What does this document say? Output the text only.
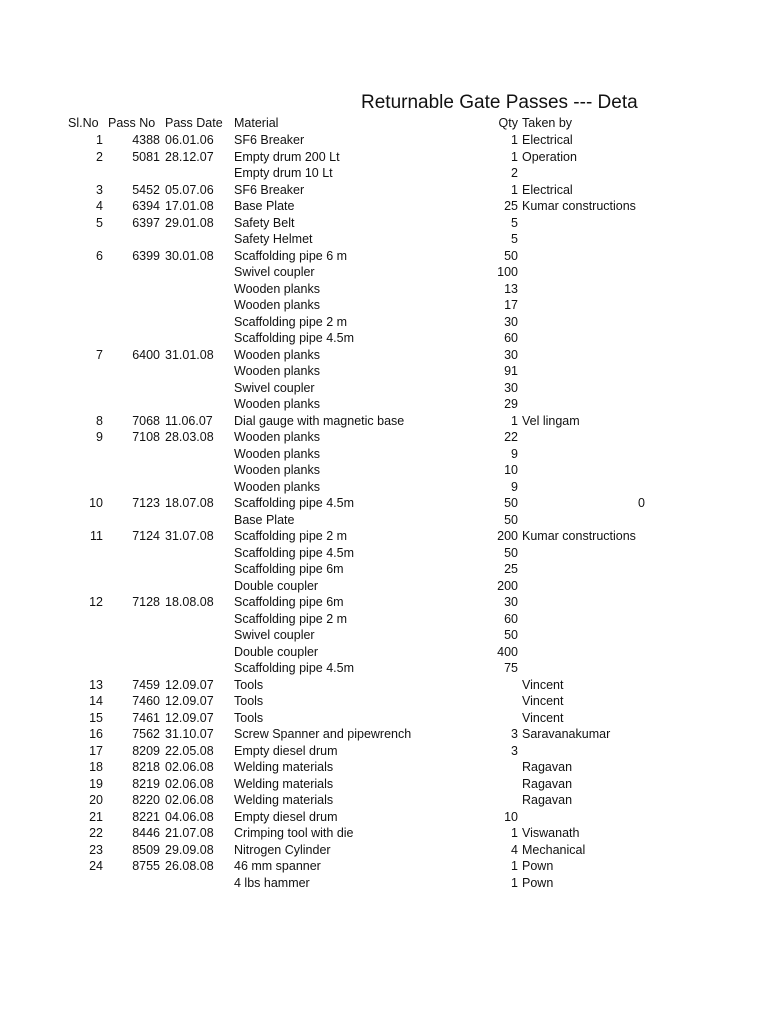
Returnable Gate Passes --- Deta
Sl.No Pass No Pass Date Material	Qty Taken by
1	4388 06.01.06	SF6 Breaker	1 Electrical
2	5081 28.12.07	Empty drum 200 Lt	1 Operation
Empty drum 10 Lt	2
3	5452 05.07.06	SF6 Breaker	1 Electrical
4	6394 17.01.08	Base Plate	25 Kumar constructions
5	6397 29.01.08	Safety Belt	5
Safety Helmet	5
6	6399 30.01.08	Scaffolding pipe 6 m	50
Swivel coupler	100
Wooden planks	13
Wooden planks	17
Scaffolding pipe 2 m	30
Scaffolding pipe 4.5m	60
7	6400 31.01.08	Wooden planks	30
Wooden planks	91
Swivel coupler	30
Wooden planks	29
8	7068 11.06.07	Dial gauge with magnetic base	1 Vel lingam
9	7108 28.03.08	Wooden planks	22
Wooden planks	9
Wooden planks	10
Wooden planks	9
10	7123 18.07.08	Scaffolding pipe 4.5m	50	0
Base Plate	50
11	7124 31.07.08	Scaffolding pipe 2 m	200 Kumar constructions
Scaffolding pipe 4.5m	50
Scaffolding pipe 6m	25
Double coupler	200
12	7128 18.08.08	Scaffolding pipe 6m	30
Scaffolding pipe 2 m	60
Swivel coupler	50
Double coupler	400
Scaffolding pipe 4.5m	75
13	7459 12.09.07	Tools	Vincent
14	7460 12.09.07	Tools	Vincent
15	7461 12.09.07	Tools	Vincent
16	7562 31.10.07	Screw Spanner and pipewrench	3 Saravanakumar
17	8209 22.05.08	Empty diesel drum	3
18	8218 02.06.08	Welding materials	Ragavan
19	8219 02.06.08	Welding materials	Ragavan
20	8220 02.06.08	Welding materials	Ragavan
21	8221 04.06.08	Empty diesel drum	10
22	8446 21.07.08	Crimping tool with die	1 Viswanath
23	8509 29.09.08	Nitrogen Cylinder	4 Mechanical
24	8755 26.08.08	46 mm spanner	1 Pown
4 lbs hammer	1 Pown
